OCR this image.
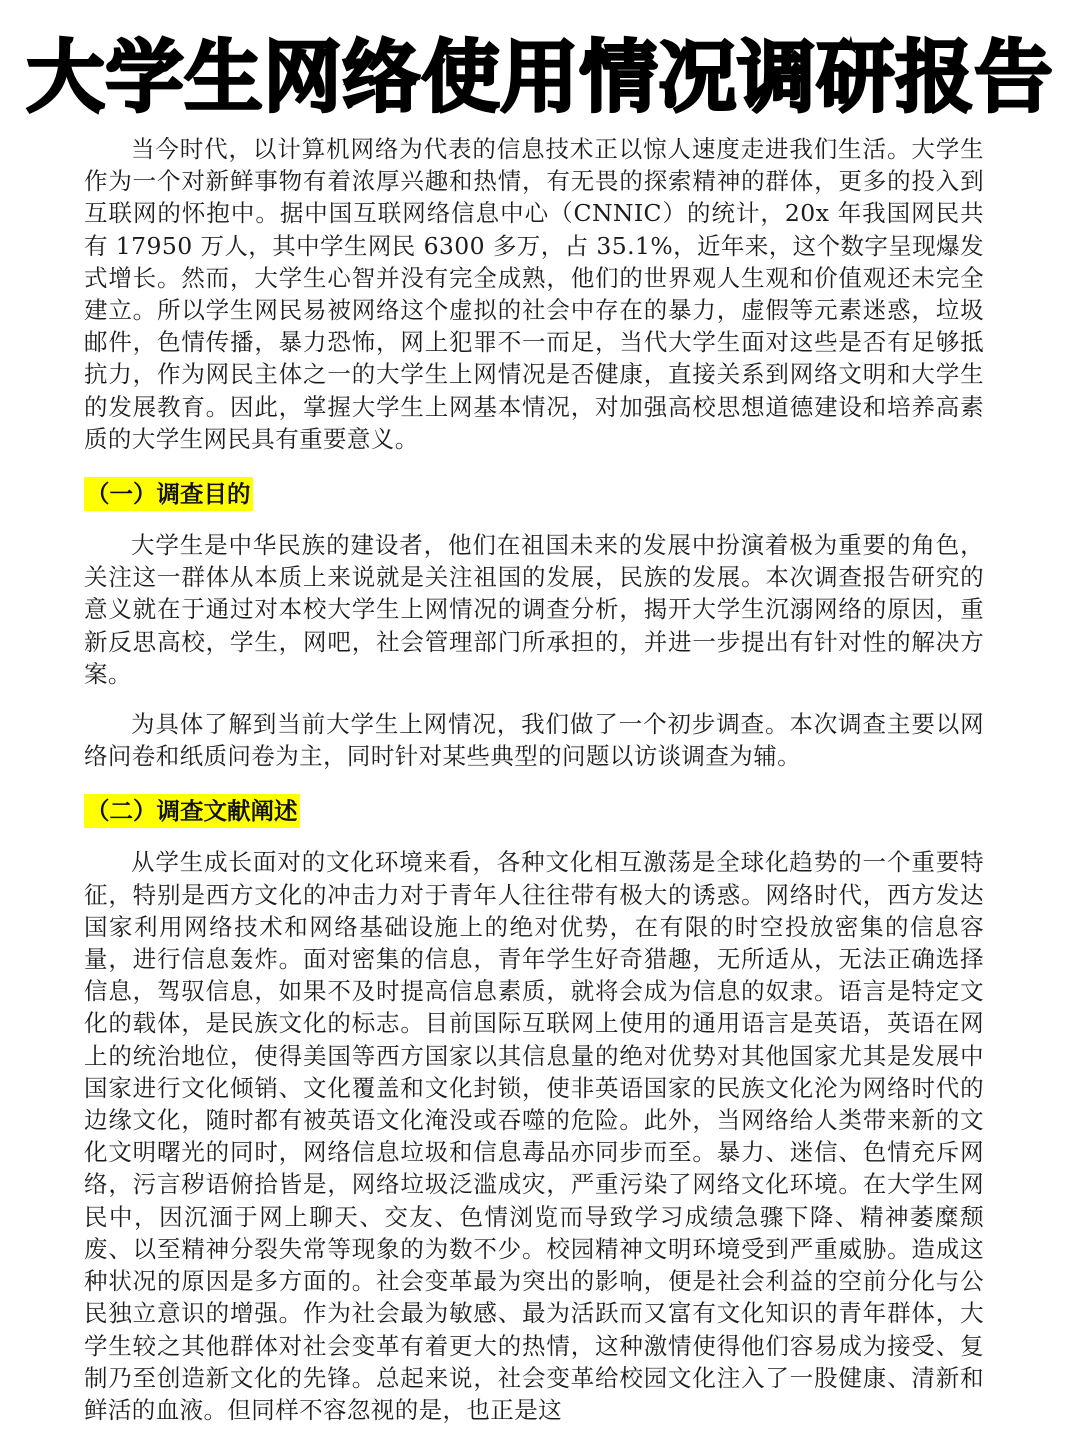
大学生网络使用情况调研报告

当今时代，以计算机网络为代表的信息技术正以惊人速度走进我们生活。大学生作为一个对新鲜事物有着浓厚兴趣和热情，有无畏的探索精神的群体，更多的投入到互联网的怀抱中。据中国互联网络信息中心（CNNIC）的统计，20x 年我国网民共有 17950 万人，其中学生网民 6300 多万，占 35.1%，近年来，这个数字呈现爆发式增长。然而，大学生心智并没有完全成熟，他们的世界观人生观和价值观还未完全建立。所以学生网民易被网络这个虚拟的社会中存在的暴力，虚假等元素迷惑，垃圾邮件，色情传播，暴力恐怖，网上犯罪不一而足，当代大学生面对这些是否有足够抵抗力，作为网民主体之一的大学生上网情况是否健康，直接关系到网络文明和大学生的发展教育。因此，掌握大学生上网基本情况，对加强高校思想道德建设和培养高素质的大学生网民具有重要意义。

（一）调查目的

大学生是中华民族的建设者，他们在祖国未来的发展中扮演着极为重要的角色，关注这一群体从本质上来说就是关注祖国的发展，民族的发展。本次调查报告研究的意义就在于通过对本校大学生上网情况的调查分析，揭开大学生沉溺网络的原因，重新反思高校，学生，网吧，社会管理部门所承担的，并进一步提出有针对性的解决方案。

为具体了解到当前大学生上网情况，我们做了一个初步调查。本次调查主要以网络问卷和纸质问卷为主，同时针对某些典型的问题以访谈调查为辅。

（二）调查文献阐述

从学生成长面对的文化环境来看，各种文化相互激荡是全球化趋势的一个重要特征，特别是西方文化的冲击力对于青年人往往带有极大的诱惑。网络时代，西方发达国家利用网络技术和网络基础设施上的绝对优势，在有限的时空投放密集的信息容量，进行信息轰炸。面对密集的信息，青年学生好奇猎趣，无所适从，无法正确选择信息，驾驭信息，如果不及时提高信息素质，就将会成为信息的奴隶。语言是特定文化的载体，是民族文化的标志。目前国际互联网上使用的通用语言是英语，英语在网上的统治地位，使得美国等西方国家以其信息量的绝对优势对其他国家尤其是发展中国家进行文化倾销、文化覆盖和文化封锁，使非英语国家的民族文化沦为网络时代的边缘文化，随时都有被英语文化淹没或吞噬的危险。此外，当网络给人类带来新的文化文明曙光的同时，网络信息垃圾和信息毒品亦同步而至。暴力、迷信、色情充斥网络，污言秽语俯拾皆是，网络垃圾泛滥成灾，严重污染了网络文化环境。在大学生网民中，因沉湎于网上聊天、交友、色情浏览而导致学习成绩急骤下降、精神萎糜颓废、以至精神分裂失常等现象的为数不少。校园精神文明环境受到严重威胁。造成这种状况的原因是多方面的。社会变革最为突出的影响，便是社会利益的空前分化与公民独立意识的增强。作为社会最为敏感、最为活跃而又富有文化知识的青年群体，大学生较之其他群体对社会变革有着更大的热情，这种激情使得他们容易成为接受、复制乃至创造新文化的先锋。总起来说，社会变革给校园文化注入了一股健康、清新和鲜活的血液。但同样不容忽视的是，也正是这
